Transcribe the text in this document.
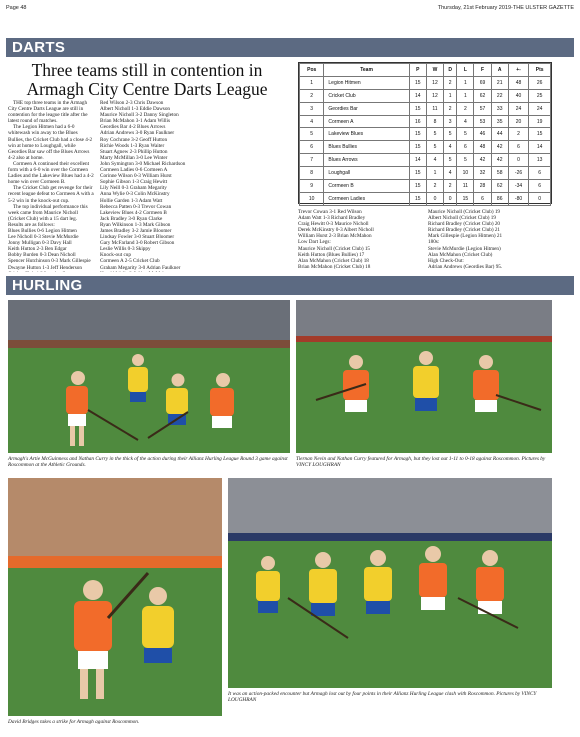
Page 48	Thursday, 21st February 2019-THE ULSTER GAZETTE
DARTS
Three teams still in contention in Armagh City Centre Darts League

THE top three teams in the Armagh City Centre Darts League are still in contention for the league title after the latest round of matches.

The Legion Hitmen had a 6-0 whitewash win away to the Blues Bullies, the Cricket Club had a close 4-2 win at home to Loughgall, while Geordies Bar saw off the Blues Arrows 4-2 also at home.

Cormeen A continued their excellent form with a 6-0 win over the Cormeen Ladies and the Lakeview Blues had a 4-2 home win over Cormeen B.

The Cricket Club get revenge for their recent league defeat to Cormeen A with a 5-2 win in the knock-out cup.

The top individual performance this week came from Maurice Nicholl (Cricket Club) with a 15 dart leg.

Results are as follows:

Blues Bullies 0-6 Legion Hitmen

Lee Nicholl 0-3 Stevie McMurdie

Jonny Mulligan 0-3 Davy Hall

Keith Hutton 2-3 Ben Edgar

Bobby Burden 0-3 Dean Nicholl

Spencer Hutchinson 0-3 Mark Gillespie

Dwayne Hutton 1-3 Jeff Henderson

Red Wilson 2-3 Chris Dawson

Albert Nicholl 1-3 Eddie Dawson

Maurice Nicholl 3-2 Danny Singleton

Brian McMahon 3-1 Adam Willis

Geordies Bar 4-2 Blues Arrows

Adrian Andrews 3-0 Ryan Faulkner

Roy Cochrane 3-2 Geoff Hutton

Richie Woods 1-3 Ryan Waiter

Stuart Agnew 2-3 Phillip Hutton

Marty McMillan 3-0 Lee Winter

John Symington 3-0 Michael Richardson

Cormeen Ladies 0-6 Cormeen A

Corinne Wilson 0-3 William Hurst

Sophie Gibson 1-3 Craig Hewitt

Lily Neill 0-3 Graham Megarity

Anna Wylie 0-3 Colin McKinstry

Hollie Garden 1-3 Adam Watt

Rebecca Patten 0-3 Trevor Cowan

Lakeview Blues 4-2 Cormeen B

Jack Bradley 3-0 Ryan Clarke

Ryan Wilkinson 1-3 Mark Gibson

James Bradley 3-2 Jamie Bloomer

Lindsay Fowler 3-0 Stuart Bloomer

Gary McFarland 3-0 Robert Gibson

Leslie Willis 0-3 Skippy

Knock-out cup

Cormeen A 2-5 Cricket Club

Graham Megarity 3-0 Adrian Faulkner

Trevor Cowan 3-1 Red Wilson

Adam Watt 1-3 Richard Bradley

Craig Hewitt 0-3 Maurice Nicholl

Derek McKinstry 0-3 Albert Nicholl

William Hurst 2-3 Brian McMahon

Low Dart Legs:

Maurice Nicholl (Cricket Club) 15

Keith Hutton (Blues Bullies) 17

Alan McMahon (Cricket Club) 18

Brian McMahon (Cricket Club) 18

Maurice Nicholl (Cricket Club) 19

Albert Nicholl (Cricket Club) 19

Richard Bradley (Cricket Club) 20

Richard Bradley (Cricket Club) 21

Mark Gillespie (Legion Hitmen) 21

180s:

Stevie McMurdie (Legion Hitmen)

Alan McMahon (Cricket Club)

High Check-Out:

Adrian Andrews (Geordies Bar) 95.

Pos	Team	P	W	D	L	F	A	+-	Pts
1	Legion Hitmen	15	12	2	1	69	21	48	26
2	Cricket Club	14	12	1	1	62	22	40	25
3	Geordies Bar	15	11	2	2	57	33	24	24
4	Cormeen A	16	8	3	4	53	35	20	19
5	Lakeview Blues	15	5	5	5	46	44	2	15
6	Blues Bullies	15	5	4	6	48	42	6	14
7	Blues Arrows	14	4	5	5	42	42	0	13
8	Loughgall	15	1	4	10	32	58	-26	6
9	Cormeen B	15	2	2	11	28	62	-34	6
10	Cormeen Ladies	15	0	0	15	6	86	-80	0
HURLING
Armagh's Artie McGuinness and Nathan Curry in the thick of the action during their Allianz Hurling League Round 3 game against Roscommon at the Athletic Grounds.
Tiernan Nevin and Nathan Curry featured for Armagh, but they lost out 1-11 to 0-18 against Roscommon. Pictures by VINCY LOUGHRAN
David Bridges takes a strike for Armagh against Roscommon.
It was an action-packed encounter but Armagh lost out by four points in their Allianz Hurling League clash with Roscommon. Pictures by VINCY LOUGHRAN
